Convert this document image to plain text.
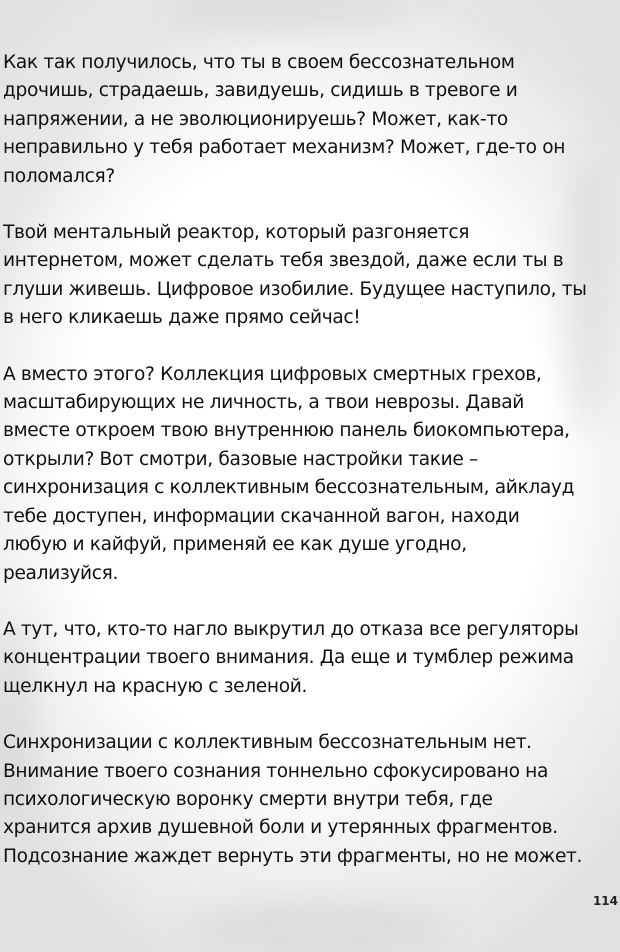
Как так получилось, что ты в своем бессознательном
дрочишь, страдаешь, завидуешь, сидишь в тревоге и
напряжении, а не эволюционируешь? Может, как-то
неправильно у тебя работает механизм? Может, где-то он
поломался?

Твой ментальный реактор, который разгоняется
интернетом, может сделать тебя звездой, даже если ты в
глуши живешь. Цифровое изобилие. Будущее наступило, ты
в него кликаешь даже прямо сейчас!

А вместо этого? Коллекция цифровых смертных грехов,
масштабирующих не личность, а твои неврозы. Давай
вместе откроем твою внутреннюю панель биокомпьютера,
открыли? Вот смотри, базовые настройки такие –
синхронизация с коллективным бессознательным, айклауд
тебе доступен, информации скачанной вагон, находи
любую и кайфуй, применяй ее как душе угодно,
реализуйся.

А тут, что, кто-то нагло выкрутил до отказа все регуляторы
концентрации твоего внимания. Да еще и тумблер режима
щелкнул на красную с зеленой.

Синхронизации с коллективным бессознательным нет.
Внимание твоего сознания тоннельно сфокусировано на
психологическую воронку смерти внутри тебя, где
хранится архив душевной боли и утерянных фрагментов.
Подсознание жаждет вернуть эти фрагменты, но не может.

114
